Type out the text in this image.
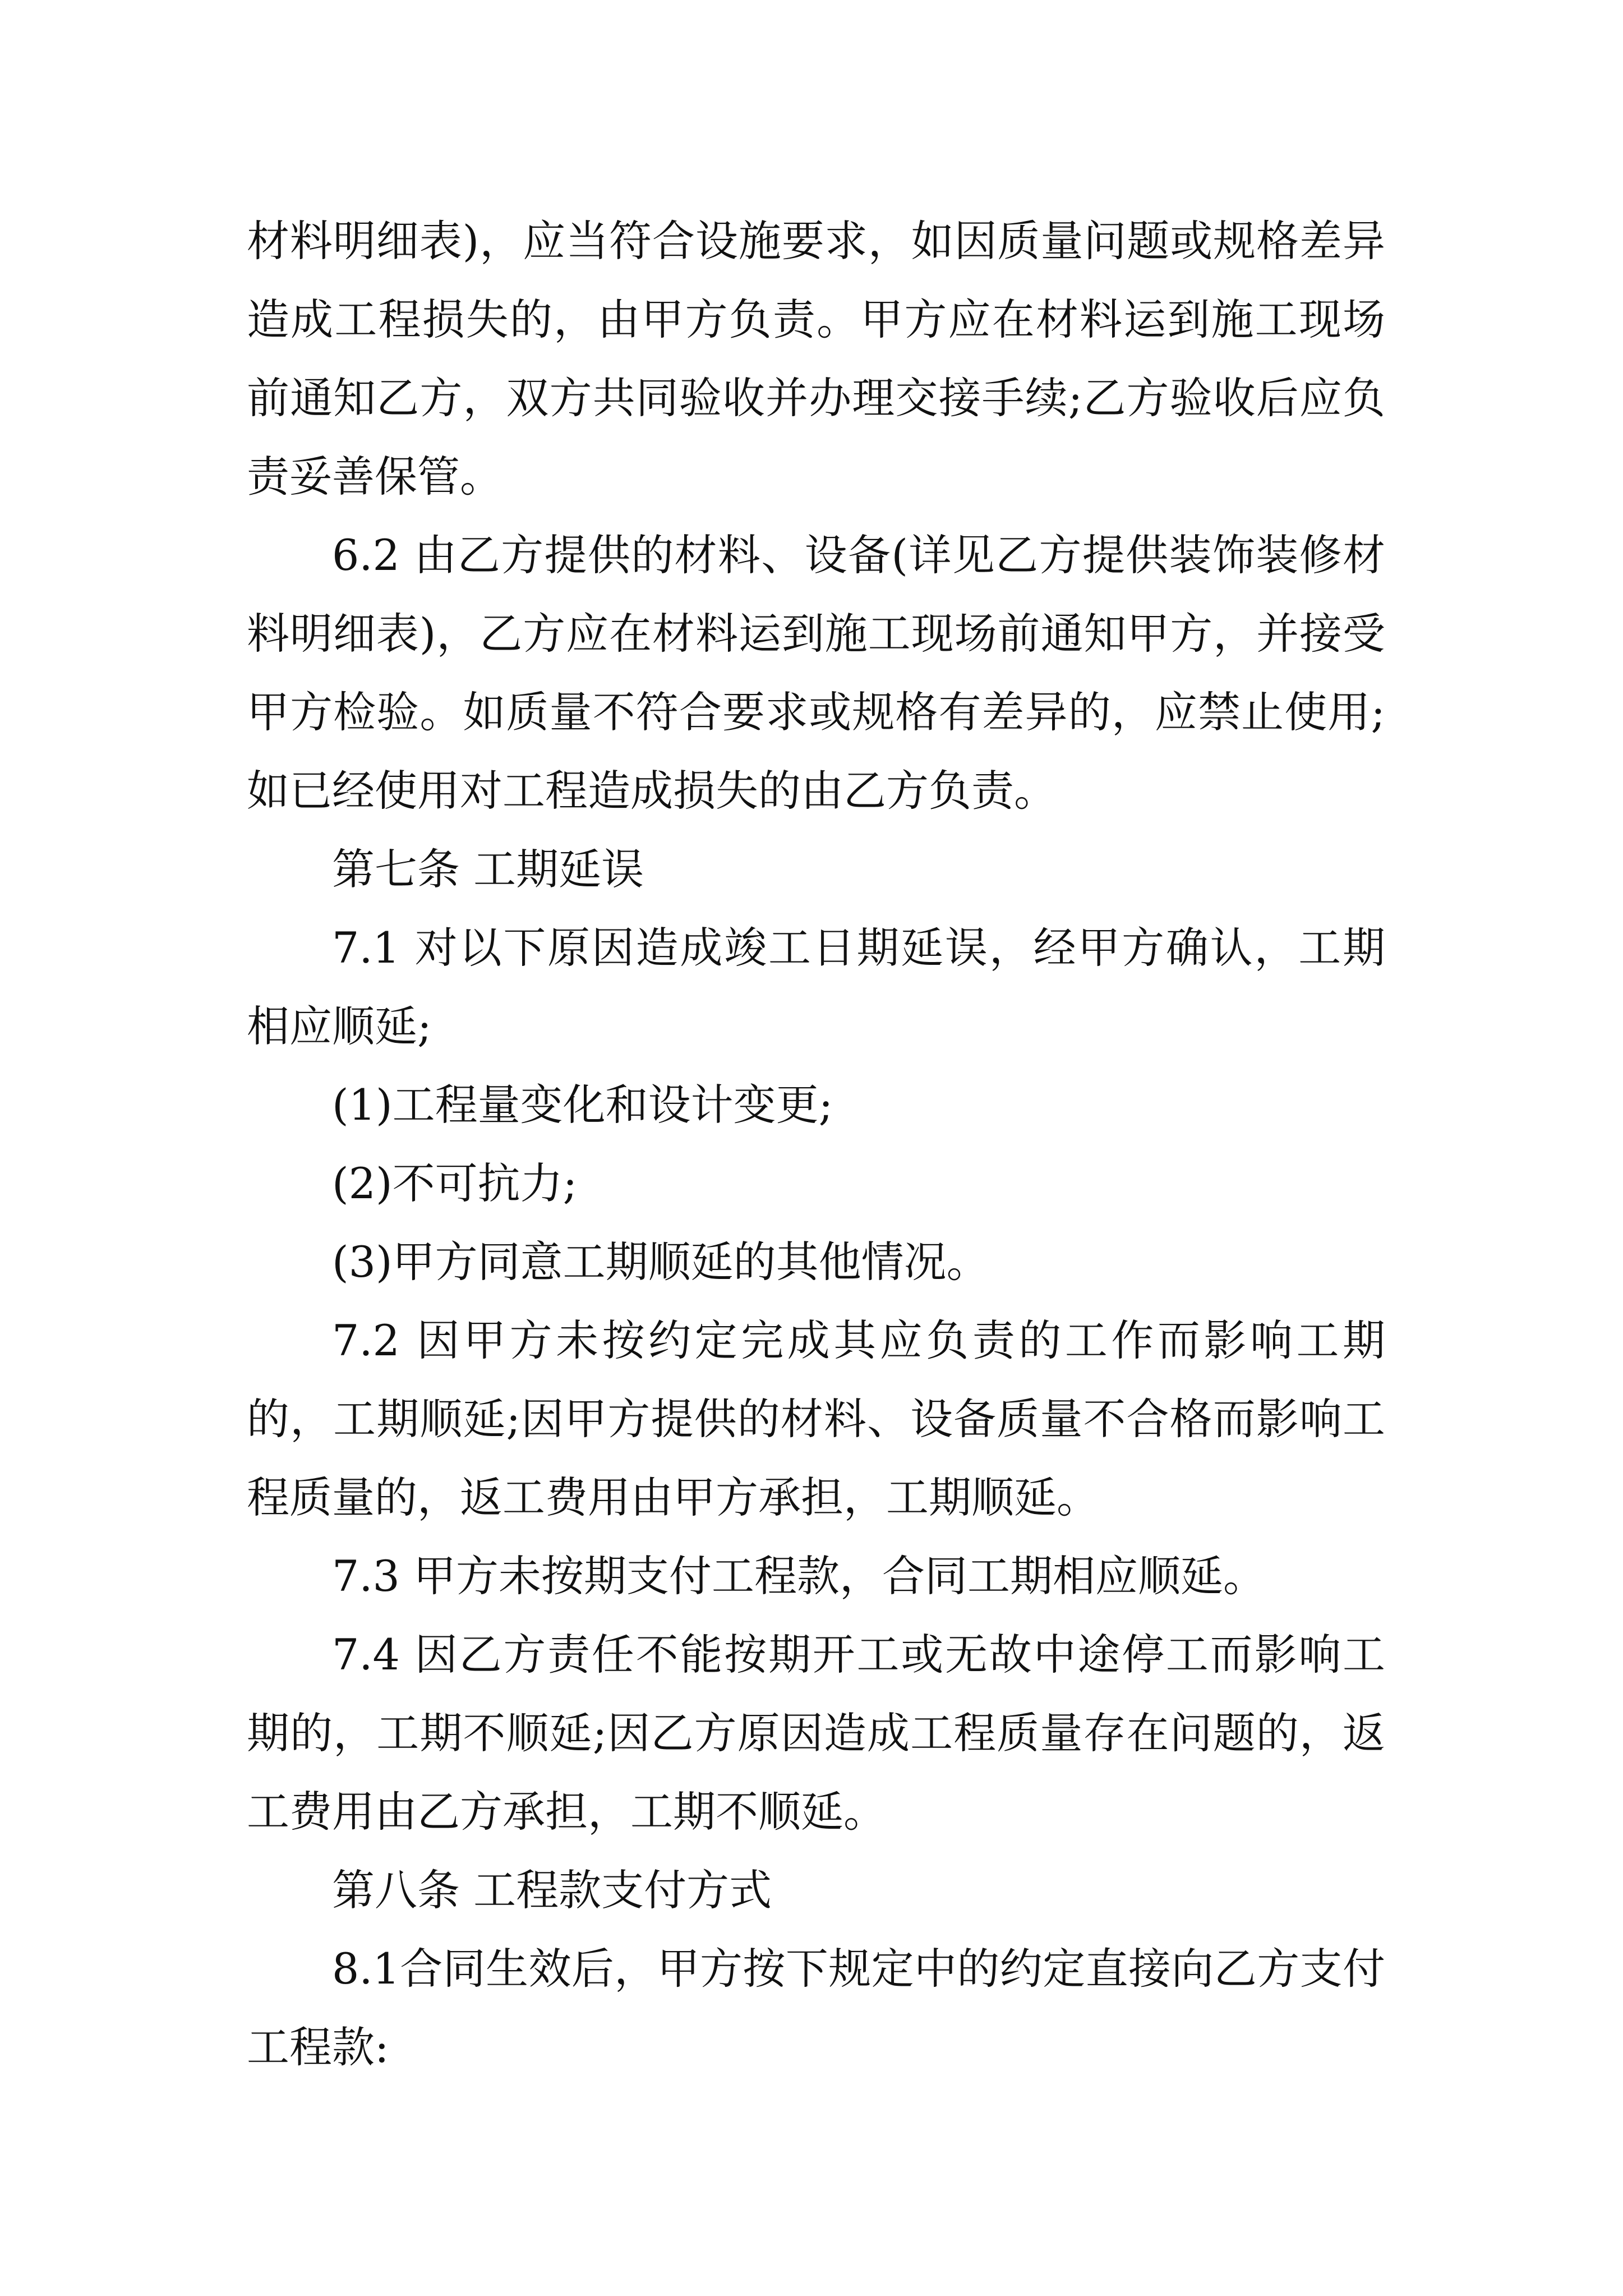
材料明细表)，应当符合设施要求，如因质量问题或规格差异造成工程损失的，由甲方负责。甲方应在材料运到施工现场前通知乙方，双方共同验收并办理交接手续;乙方验收后应负责妥善保管。

6.2 由乙方提供的材料、设备(详见乙方提供装饰装修材料明细表)，乙方应在材料运到施工现场前通知甲方，并接受甲方检验。如质量不符合要求或规格有差异的，应禁止使用;如已经使用对工程造成损失的由乙方负责。

第七条 工期延误

7.1 对以下原因造成竣工日期延误，经甲方确认，工期相应顺延;

(1)工程量变化和设计变更;

(2)不可抗力;

(3)甲方同意工期顺延的其他情况。

7.2 因甲方未按约定完成其应负责的工作而影响工期的，工期顺延;因甲方提供的材料、设备质量不合格而影响工程质量的，返工费用由甲方承担，工期顺延。

7.3 甲方未按期支付工程款，合同工期相应顺延。

7.4 因乙方责任不能按期开工或无故中途停工而影响工期的，工期不顺延;因乙方原因造成工程质量存在问题的，返工费用由乙方承担，工期不顺延。

第八条 工程款支付方式

8.1合同生效后，甲方按下规定中的约定直接向乙方支付工程款:
